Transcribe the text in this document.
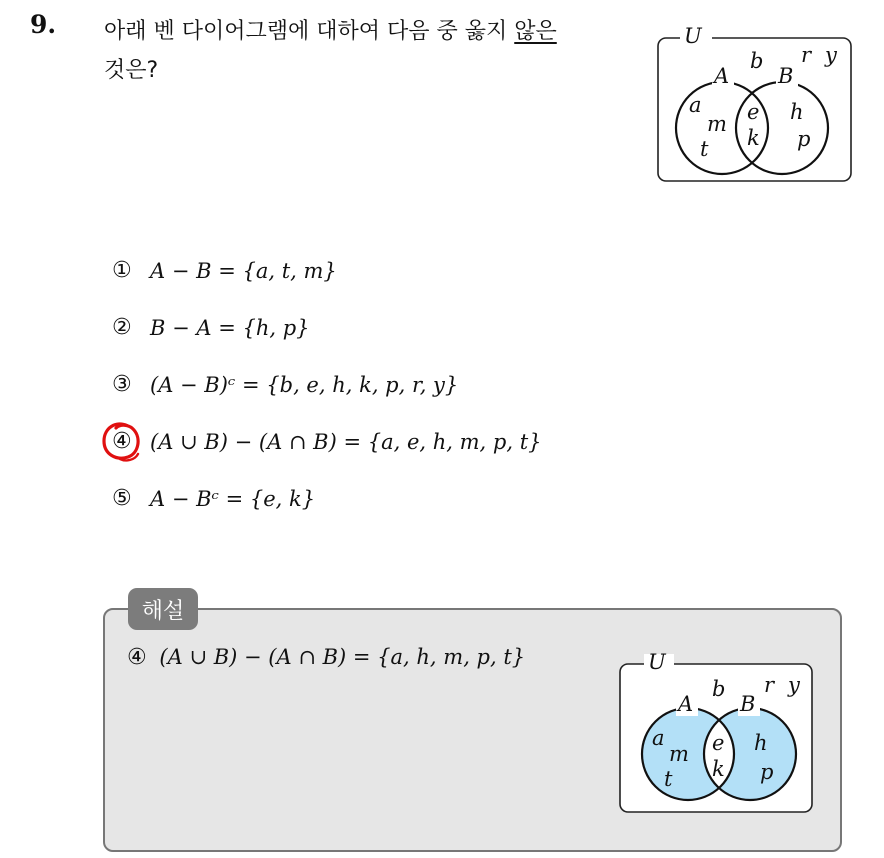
9. 아래 벤 다이어그램에 대하여 다음 중 옳지 않은
것은?
U
A B
b r y
a
m
t
e
k
h
p
① A − B = {a, t, m}
② B − A = {h, p}
③ (A − B)ᶜ = {b, e, h, k, p, r, y}
④ (A ∪ B) − (A ∩ B) = {a, e, h, m, p, t}
⑤ A − Bᶜ = {e, k}
해설
④ (A ∪ B) − (A ∩ B) = {a, h, m, p, t}	U
A B
b r y
a
m
t
e
k
h
p
